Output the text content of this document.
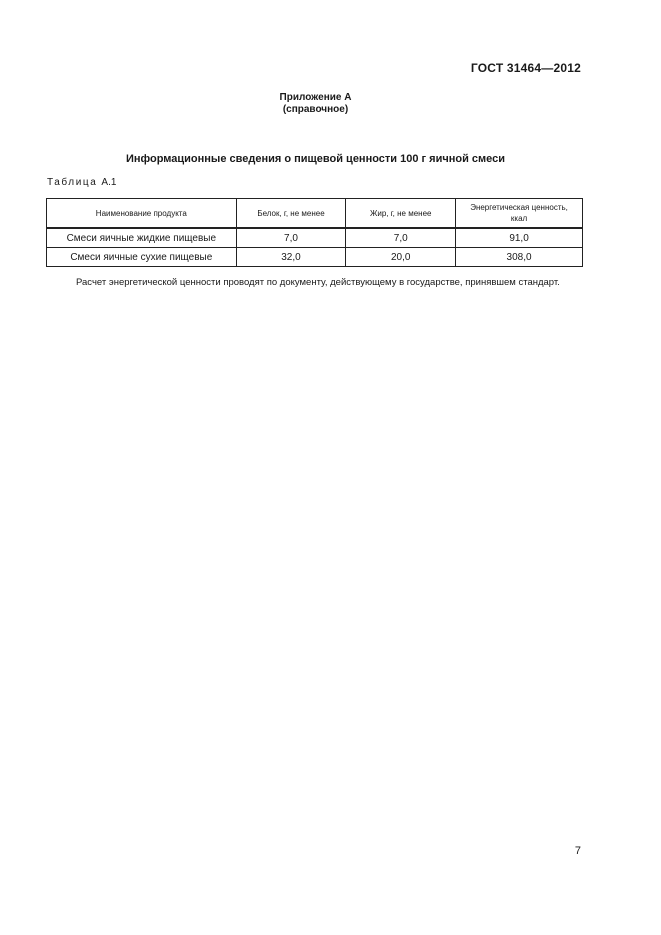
ГОСТ 31464—2012
Приложение А
(справочное)
Информационные сведения о пищевой ценности 100 г яичной смеси
Таблица А.1
Наименование продукта	Белок, г, не менее	Жир, г, не менее	Энергетическая ценность, ккал
Смеси яичные жидкие пищевые	7,0	7,0	91,0
Смеси яичные сухие пищевые	32,0	20,0	308,0
Расчет энергетической ценности проводят по документу, действующему в государстве, принявшем стандарт.
7
